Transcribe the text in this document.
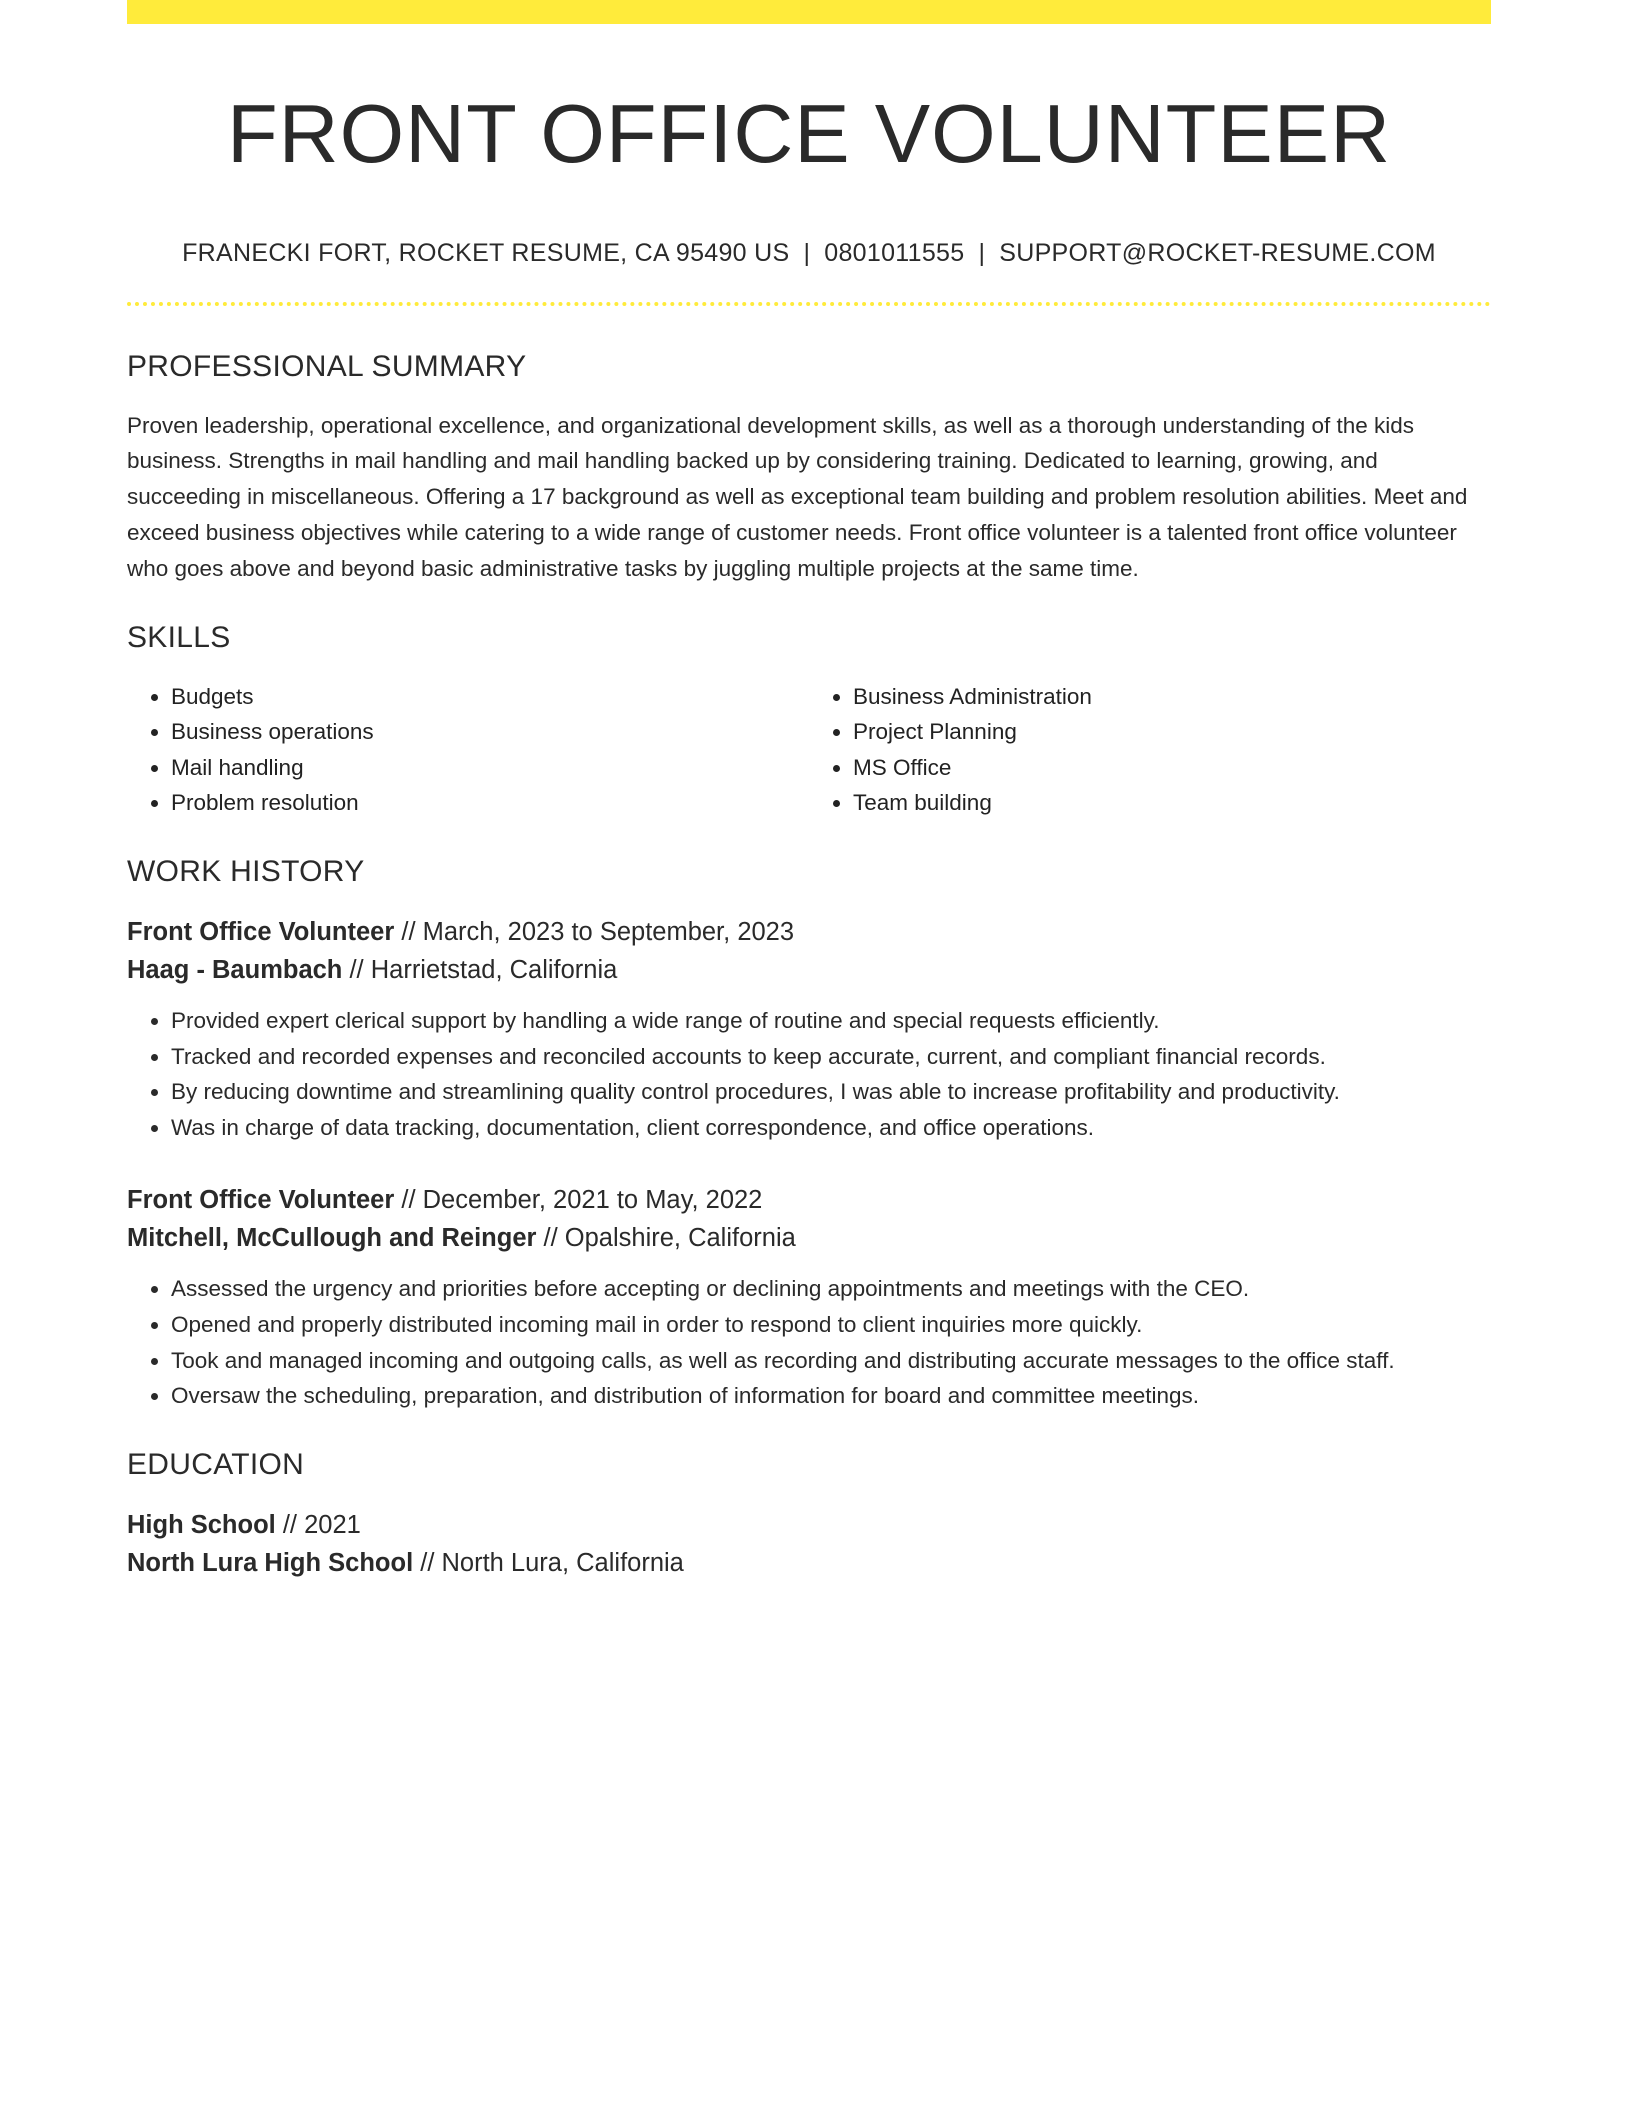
FRONT OFFICE VOLUNTEER
FRANECKI FORT, ROCKET RESUME, CA 95490 US | 0801011555 | SUPPORT@ROCKET-RESUME.COM
PROFESSIONAL SUMMARY

Proven leadership, operational excellence, and organizational development skills, as well as a thorough understanding of the kids business. Strengths in mail handling and mail handling backed up by considering training. Dedicated to learning, growing, and succeeding in miscellaneous. Offering a 17 background as well as exceptional team building and problem resolution abilities. Meet and exceed business objectives while catering to a wide range of customer needs. Front office volunteer is a talented front office volunteer who goes above and beyond basic administrative tasks by juggling multiple projects at the same time.

SKILLS
• Budgets
• Business operations
• Mail handling
• Problem resolution
• Business Administration
• Project Planning
• MS Office
• Team building
WORK HISTORY
Front Office Volunteer // March, 2023 to September, 2023
Haag - Baumbach // Harrietstad, California
• Provided expert clerical support by handling a wide range of routine and special requests efficiently.
• Tracked and recorded expenses and reconciled accounts to keep accurate, current, and compliant financial records.
• By reducing downtime and streamlining quality control procedures, I was able to increase profitability and productivity.
• Was in charge of data tracking, documentation, client correspondence, and office operations.
Front Office Volunteer // December, 2021 to May, 2022
Mitchell, McCullough and Reinger // Opalshire, California
• Assessed the urgency and priorities before accepting or declining appointments and meetings with the CEO.
• Opened and properly distributed incoming mail in order to respond to client inquiries more quickly.
• Took and managed incoming and outgoing calls, as well as recording and distributing accurate messages to the office staff.
• Oversaw the scheduling, preparation, and distribution of information for board and committee meetings.
EDUCATION
High School // 2021
North Lura High School // North Lura, California
